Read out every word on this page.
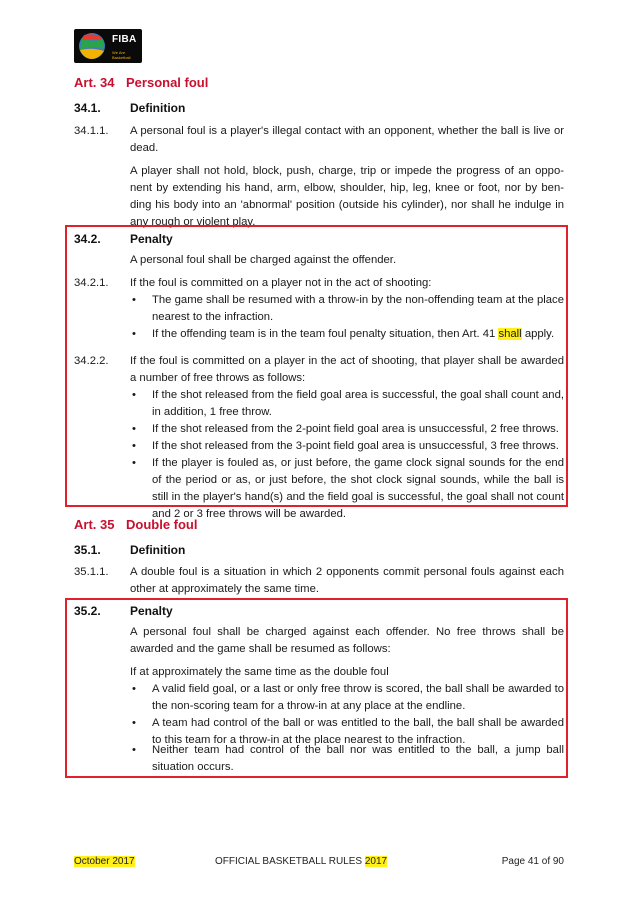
FIBA
We Are Basketball
Art. 34 Personal foul
34.1. Definition
34.1.1. A personal foul is a player's illegal contact with an opponent, whether the ball is live or dead.
A player shall not hold, block, push, charge, trip or impede the progress of an oppo-nent by extending his hand, arm, elbow, shoulder, hip, leg, knee or foot, nor by ben-ding his body into an 'abnormal' position (outside his cylinder), nor shall he indulge in any rough or violent play.
34.2. Penalty
A personal foul shall be charged against the offender.
34.2.1. If the foul is committed on a player not in the act of shooting:
• The game shall be resumed with a throw-in by the non-offending team at the place nearest to the infraction.
• If the offending team is in the team foul penalty situation, then Art. 41 shall apply.
34.2.2. If the foul is committed on a player in the act of shooting, that player shall be awarded a number of free throws as follows:
• If the shot released from the field goal area is successful, the goal shall count and, in addition, 1 free throw.
• If the shot released from the 2-point field goal area is unsuccessful, 2 free throws.
• If the shot released from the 3-point field goal area is unsuccessful, 3 free throws.
• If the player is fouled as, or just before, the game clock signal sounds for the end of the period or as, or just before, the shot clock signal sounds, while the ball is still in the player's hand(s) and the field goal is successful, the goal shall not count and 2 or 3 free throws will be awarded.
Art. 35 Double foul
35.1. Definition
35.1.1. A double foul is a situation in which 2 opponents commit personal fouls against each other at approximately the same time.
35.2. Penalty
A personal foul shall be charged against each offender. No free throws shall be awarded and the game shall be resumed as follows:
If at approximately the same time as the double foul
• A valid field goal, or a last or only free throw is scored, the ball shall be awarded to the non-scoring team for a throw-in at any place at the endline.
• A team had control of the ball or was entitled to the ball, the ball shall be awarded to this team for a throw-in at the place nearest to the infraction.
• Neither team had control of the ball nor was entitled to the ball, a jump ball situation occurs.
October 2017	OFFICIAL BASKETBALL RULES 2017	Page 41 of 90
